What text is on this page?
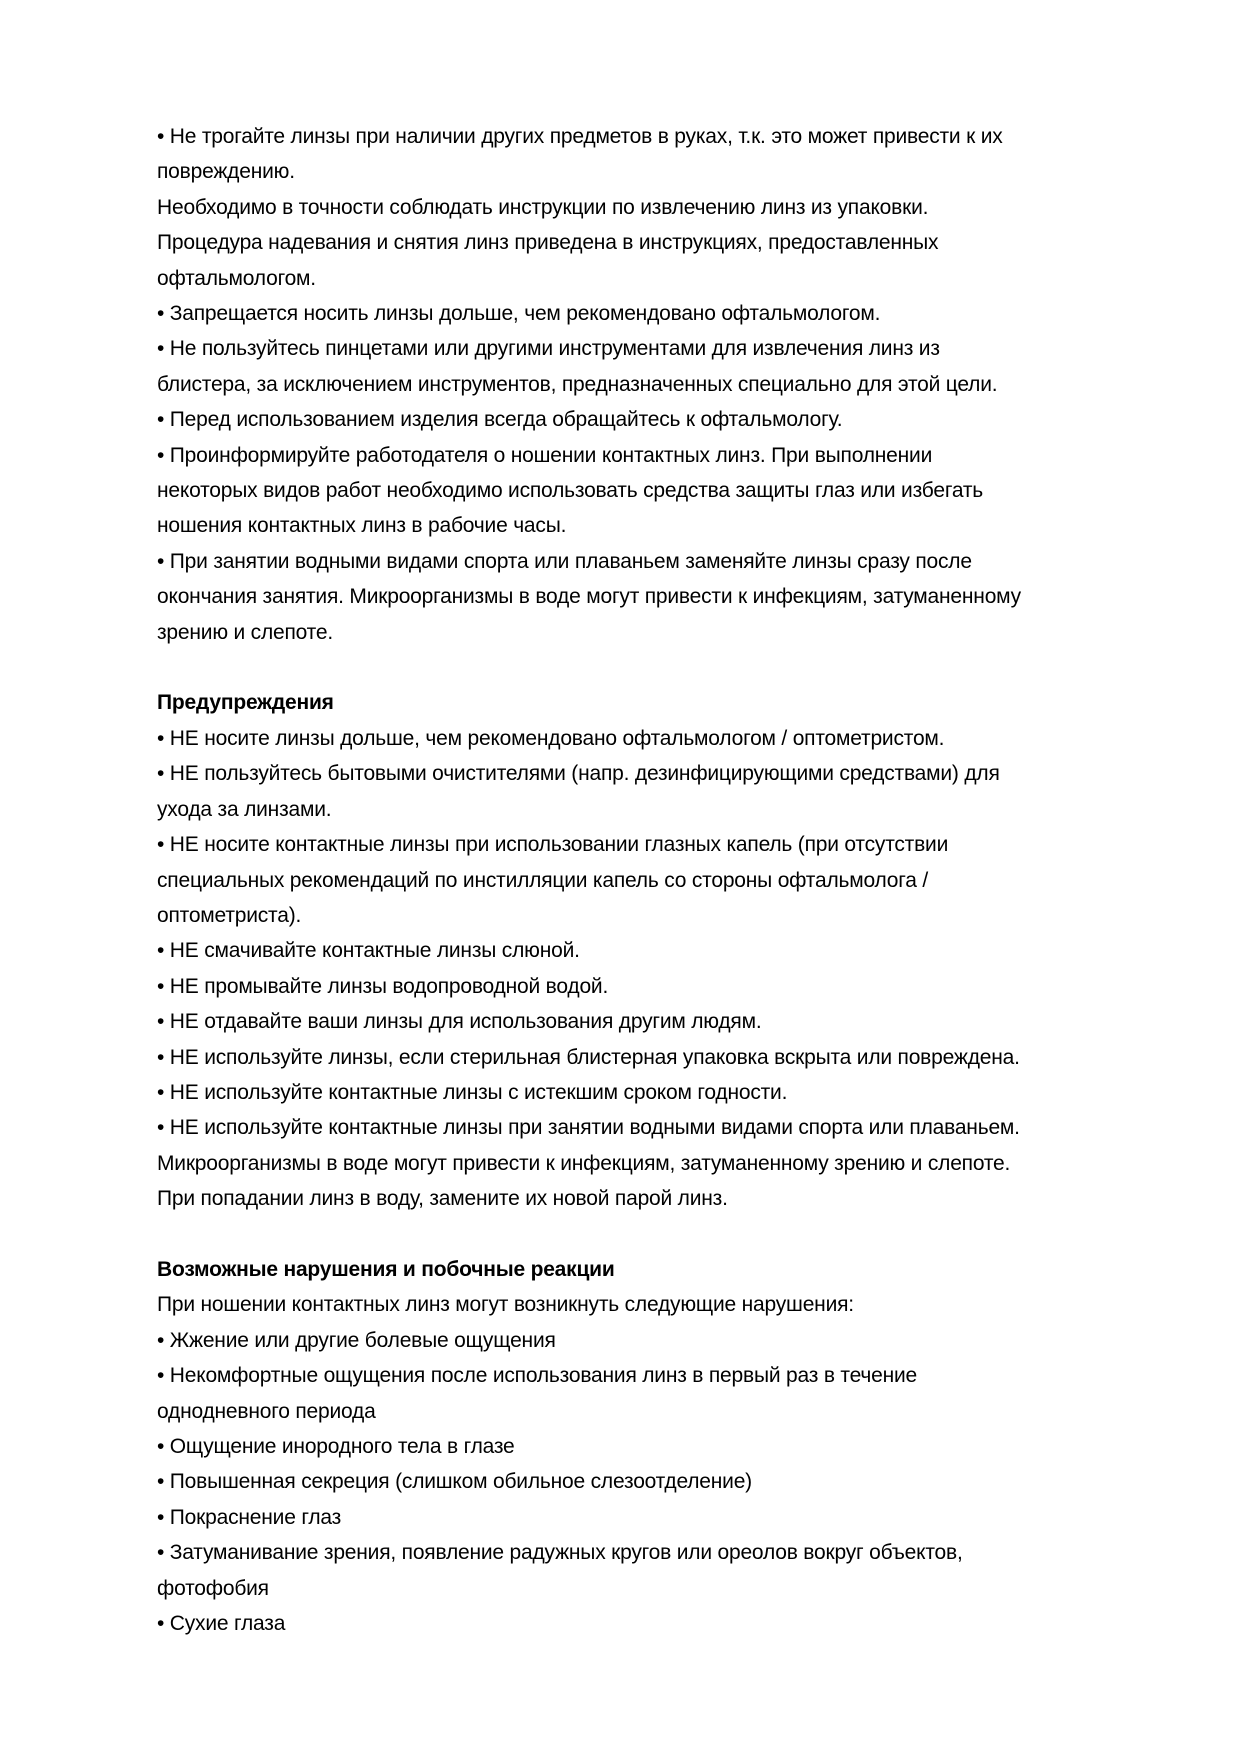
• Не трогайте линзы при наличии других предметов в руках, т.к. это может привести к их

повреждению.

Необходимо в точности соблюдать инструкции по извлечению линз из упаковки.

Процедура надевания и снятия линз приведена в инструкциях, предоставленных

офтальмологом.

• Запрещается носить линзы дольше, чем рекомендовано офтальмологом.

• Не пользуйтесь пинцетами или другими инструментами для извлечения линз из

блистера, за исключением инструментов, предназначенных специально для этой цели.

• Перед использованием изделия всегда обращайтесь к офтальмологу.

• Проинформируйте работодателя о ношении контактных линз. При выполнении

некоторых видов работ необходимо использовать средства защиты глаз или избегать

ношения контактных линз в рабочие часы.

• При занятии водными видами спорта или плаваньем заменяйте линзы сразу после

окончания занятия. Микроорганизмы в воде могут привести к инфекциям, затуманенному

зрению и слепоте.

Предупреждения

• НЕ носите линзы дольше, чем рекомендовано офтальмологом / оптометристом.

• НЕ пользуйтесь бытовыми очистителями (напр. дезинфицирующими средствами) для

ухода за линзами.

• НЕ носите контактные линзы при использовании глазных капель (при отсутствии

специальных рекомендаций по инстилляции капель со стороны офтальмолога /

оптометриста).

• НЕ смачивайте контактные линзы слюной.

• НЕ промывайте линзы водопроводной водой.

• НЕ отдавайте ваши линзы для использования другим людям.

• НЕ используйте линзы, если стерильная блистерная упаковка вскрыта или повреждена.

• НЕ используйте контактные линзы с истекшим сроком годности.

• НЕ используйте контактные линзы при занятии водными видами спорта или плаваньем.

Микроорганизмы в воде могут привести к инфекциям, затуманенному зрению и слепоте.

При попадании линз в воду, замените их новой парой линз.

Возможные нарушения и побочные реакции

При ношении контактных линз могут возникнуть следующие нарушения:

• Жжение или другие болевые ощущения

• Некомфортные ощущения после использования линз в первый раз в течение

однодневного периода

• Ощущение инородного тела в глазе

• Повышенная секреция (слишком обильное слезоотделение)

• Покраснение глаз

• Затуманивание зрения, появление радужных кругов или ореолов вокруг объектов,

фотофобия

• Сухие глаза
